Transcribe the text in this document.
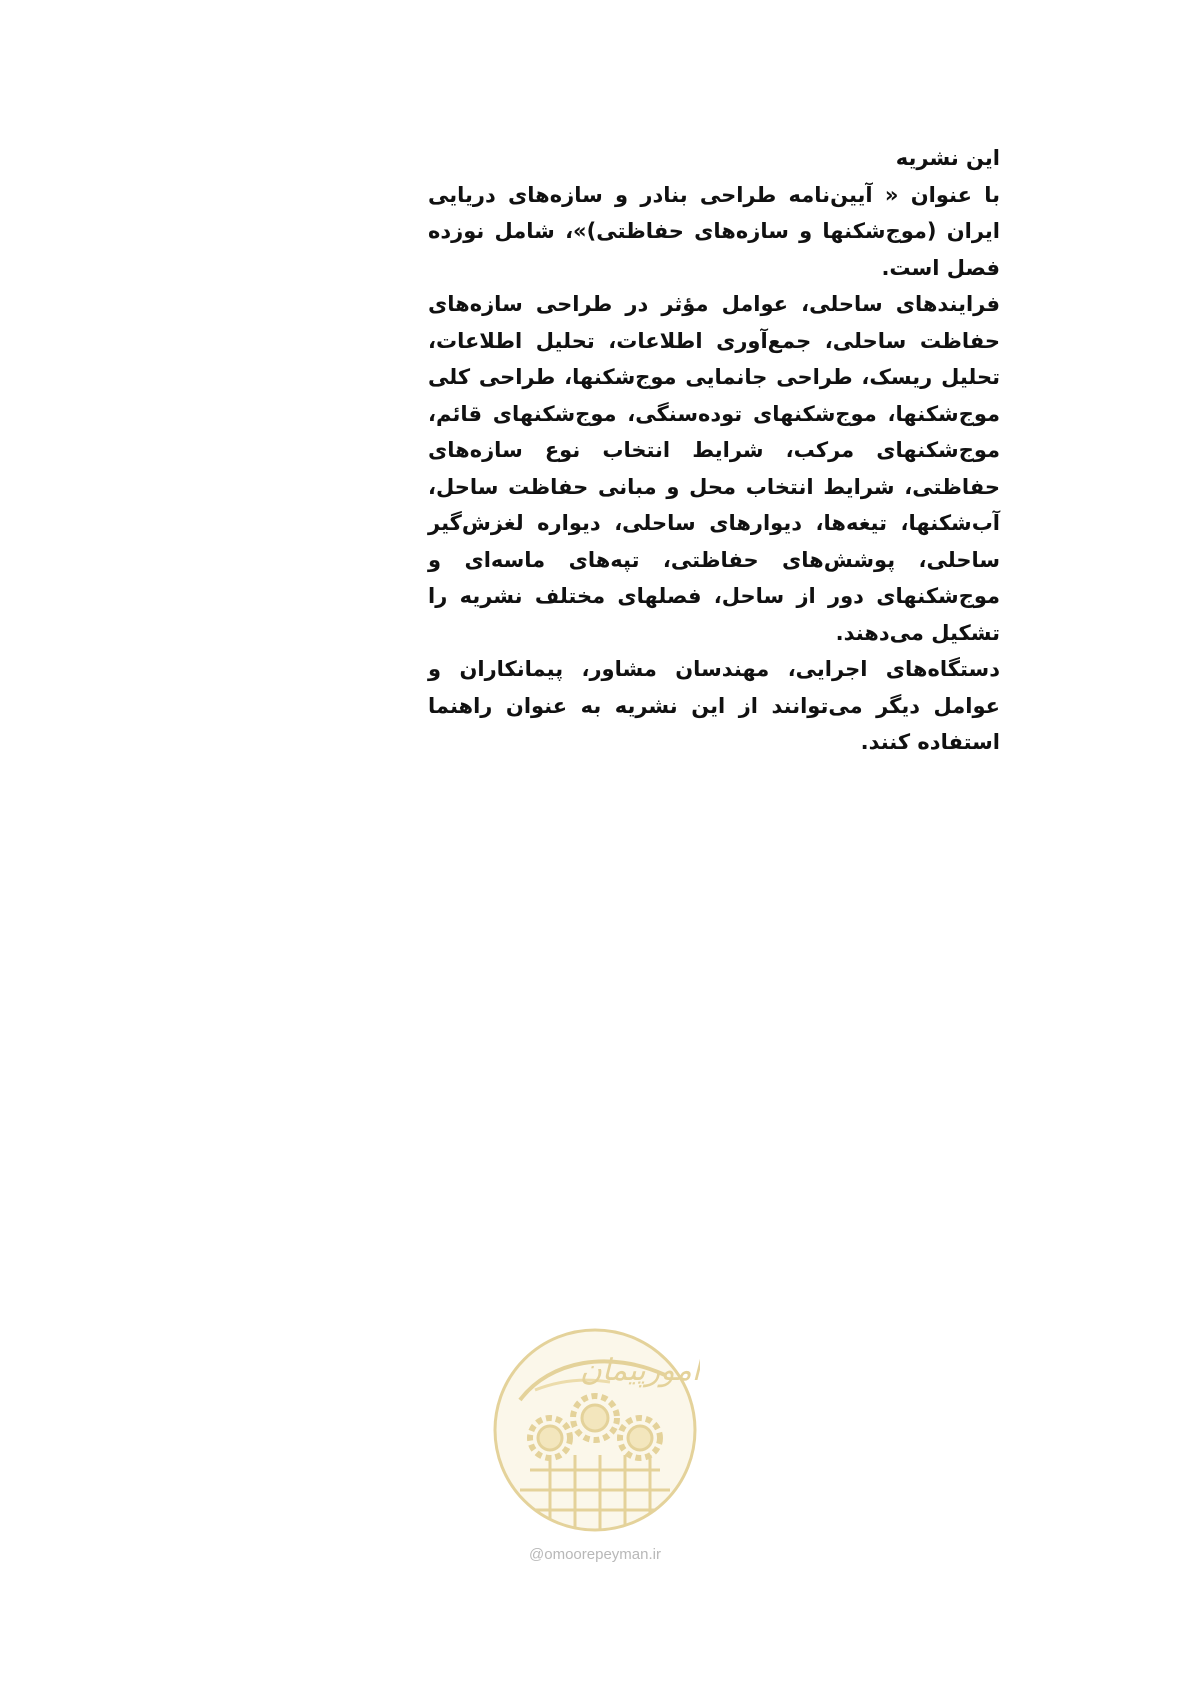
این نشریه

با عنوان « آیین‌نامه طراحی بنادر و سازه‌های دریایی ایران (موج‌شکنها و سازه‌های حفاظتی)»، شامل نوزده فصل است.

فرایندهای ساحلی، عوامل مؤثر در طراحی سازه‌های حفاظت ساحلی، جمع‌آوری اطلاعات، تحلیل اطلاعات، تحلیل ریسک، طراحی جانمایی موج‌شکنها، طراحی کلی موج‌شکنها، موج‌شکنهای توده‌سنگی، موج‌شکنهای قائم، موج‌شکنهای مرکب، شرایط انتخاب نوع سازه‌های حفاظتی، شرایط انتخاب محل و مبانی حفاظت ساحل، آب‌شکنها، تیغه‌ها، دیوارهای ساحلی، دیواره لغزش‌گیر ساحلی، پوشش‌های حفاظتی، تپه‌های ماسه‌ای و موج‌شکنهای دور از ساحل، فصلهای مختلف نشریه را تشکیل می‌دهند.

دستگاه‌های اجرایی، مهندسان مشاور، پیمانکاران و عوامل دیگر می‌توانند از این نشریه به عنوان راهنما استفاده کنند.

امورپیمان
@omoorepeyman.ir
